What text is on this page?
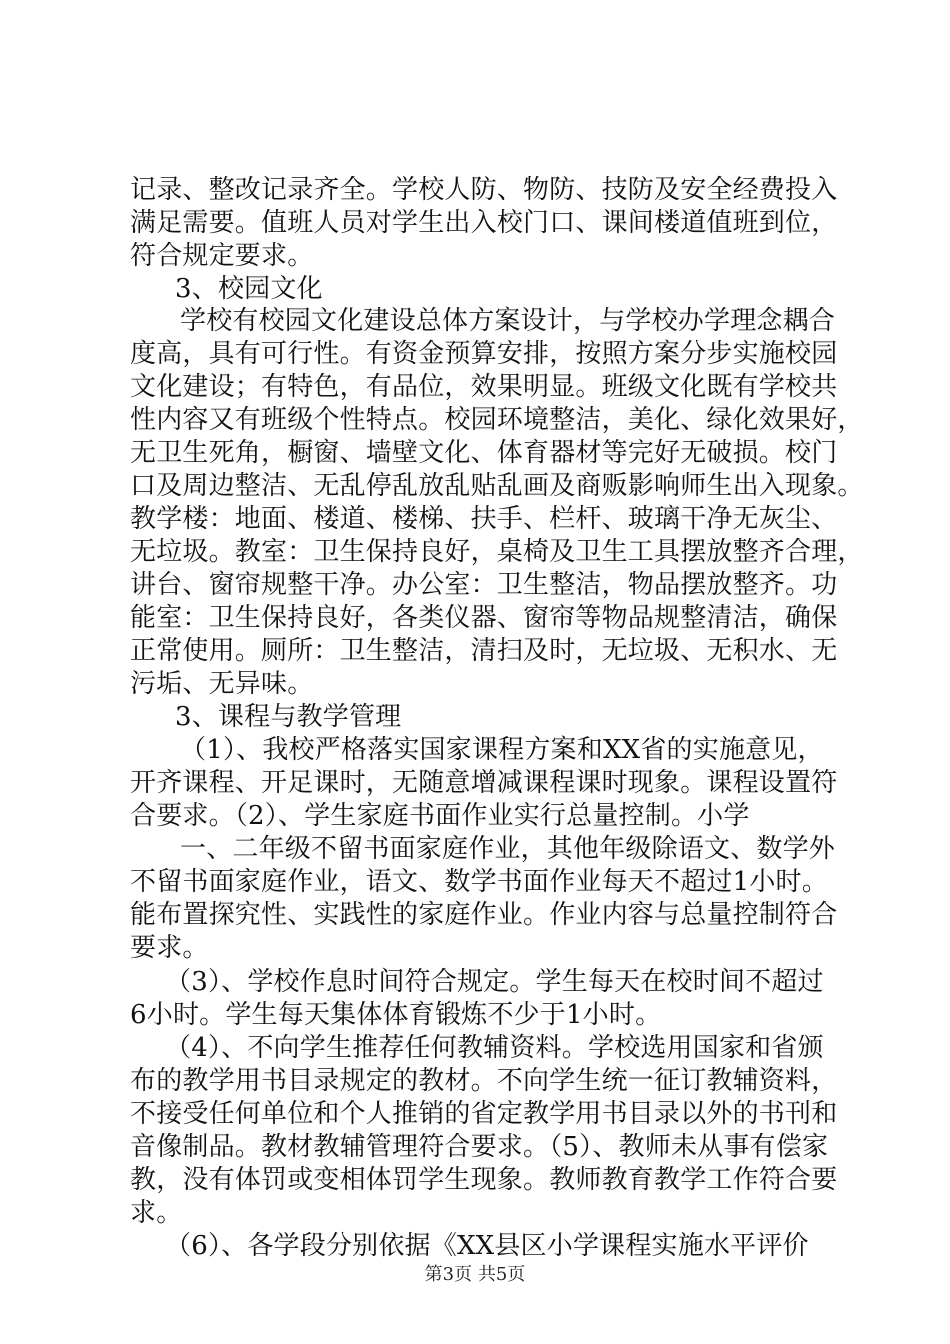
记录、整改记录齐全。学校人防、物防、技防及安全经费投入
满足需要。值班人员对学生出入校门口、课间楼道值班到位，
符合规定要求。
3、校园文化
学校有校园文化建设总体方案设计，与学校办学理念耦合
度高，具有可行性。有资金预算安排，按照方案分步实施校园
文化建设；有特色，有品位，效果明显。班级文化既有学校共
性内容又有班级个性特点。校园环境整洁，美化、绿化效果好，
无卫生死角，橱窗、墙壁文化、体育器材等完好无破损。校门
口及周边整洁、无乱停乱放乱贴乱画及商贩影响师生出入现象。
教学楼：地面、楼道、楼梯、扶手、栏杆、玻璃干净无灰尘、
无垃圾。教室：卫生保持良好，桌椅及卫生工具摆放整齐合理，
讲台、窗帘规整干净。办公室：卫生整洁，物品摆放整齐。功
能室：卫生保持良好，各类仪器、窗帘等物品规整清洁，确保
正常使用。厕所：卫生整洁，清扫及时，无垃圾、无积水、无
污垢、无异味。
3、课程与教学管理
（1）、我校严格落实国家课程方案和XX省的实施意见，
开齐课程、开足课时，无随意增减课程课时现象。课程设置符
合要求。（2）、学生家庭书面作业实行总量控制。小学
一、二年级不留书面家庭作业，其他年级除语文、数学外
不留书面家庭作业，语文、数学书面作业每天不超过1小时。
能布置探究性、实践性的家庭作业。作业内容与总量控制符合
要求。
（3）、学校作息时间符合规定。学生每天在校时间不超过
6小时。学生每天集体体育锻炼不少于1小时。
（4）、不向学生推荐任何教辅资料。学校选用国家和省颁
布的教学用书目录规定的教材。不向学生统一征订教辅资料，
不接受任何单位和个人推销的省定教学用书目录以外的书刊和
音像制品。教材教辅管理符合要求。（5）、教师未从事有偿家
教，没有体罚或变相体罚学生现象。教师教育教学工作符合要
求。
（6）、各学段分别依据《XX县区小学课程实施水平评价
第3页 共5页
